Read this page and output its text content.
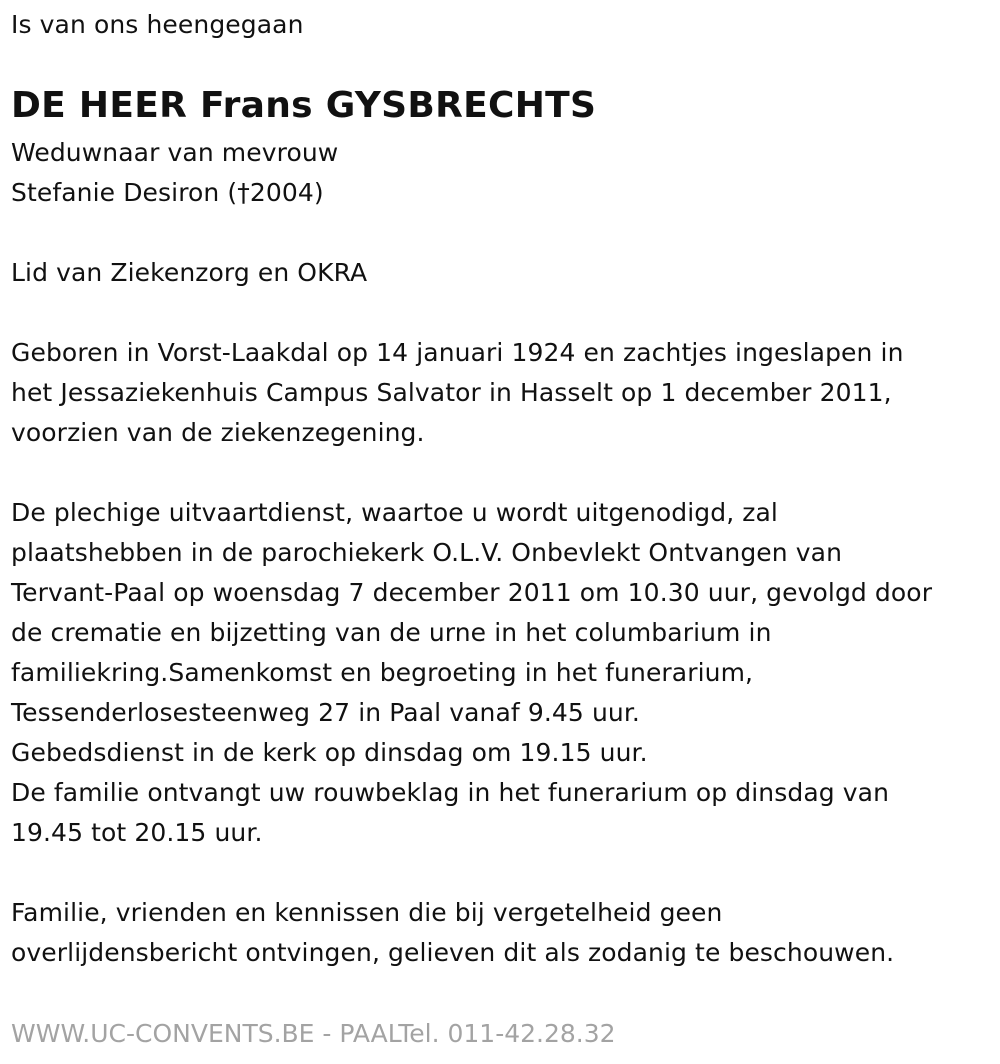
Is van ons heengegaan
DE HEER Frans GYSBRECHTS
Weduwnaar van mevrouw
Stefanie Desiron (†2004)
Lid van Ziekenzorg en OKRA
Geboren in Vorst-Laakdal op 14 januari 1924 en zachtjes ingeslapen in
het Jessaziekenhuis Campus Salvator in Hasselt op 1 december 2011,
voorzien van de ziekenzegening.
De plechige uitvaartdienst, waartoe u wordt uitgenodigd, zal
plaatshebben in de parochiekerk O.L.V. Onbevlekt Ontvangen van
Tervant-Paal op woensdag 7 december 2011 om 10.30 uur, gevolgd door
de crematie en bijzetting van de urne in het columbarium in
familiekring.Samenkomst en begroeting in het funerarium,
Tessenderlosesteenweg 27 in Paal vanaf 9.45 uur.
Gebedsdienst in de kerk op dinsdag om 19.15 uur.
De familie ontvangt uw rouwbeklag in het funerarium op dinsdag van
19.45 tot 20.15 uur.
Familie, vrienden en kennissen die bij vergetelheid geen
overlijdensbericht ontvingen, gelieven dit als zodanig te beschouwen.
WWW.UC-CONVENTS.BE - PAALTel. 011-42.28.32
